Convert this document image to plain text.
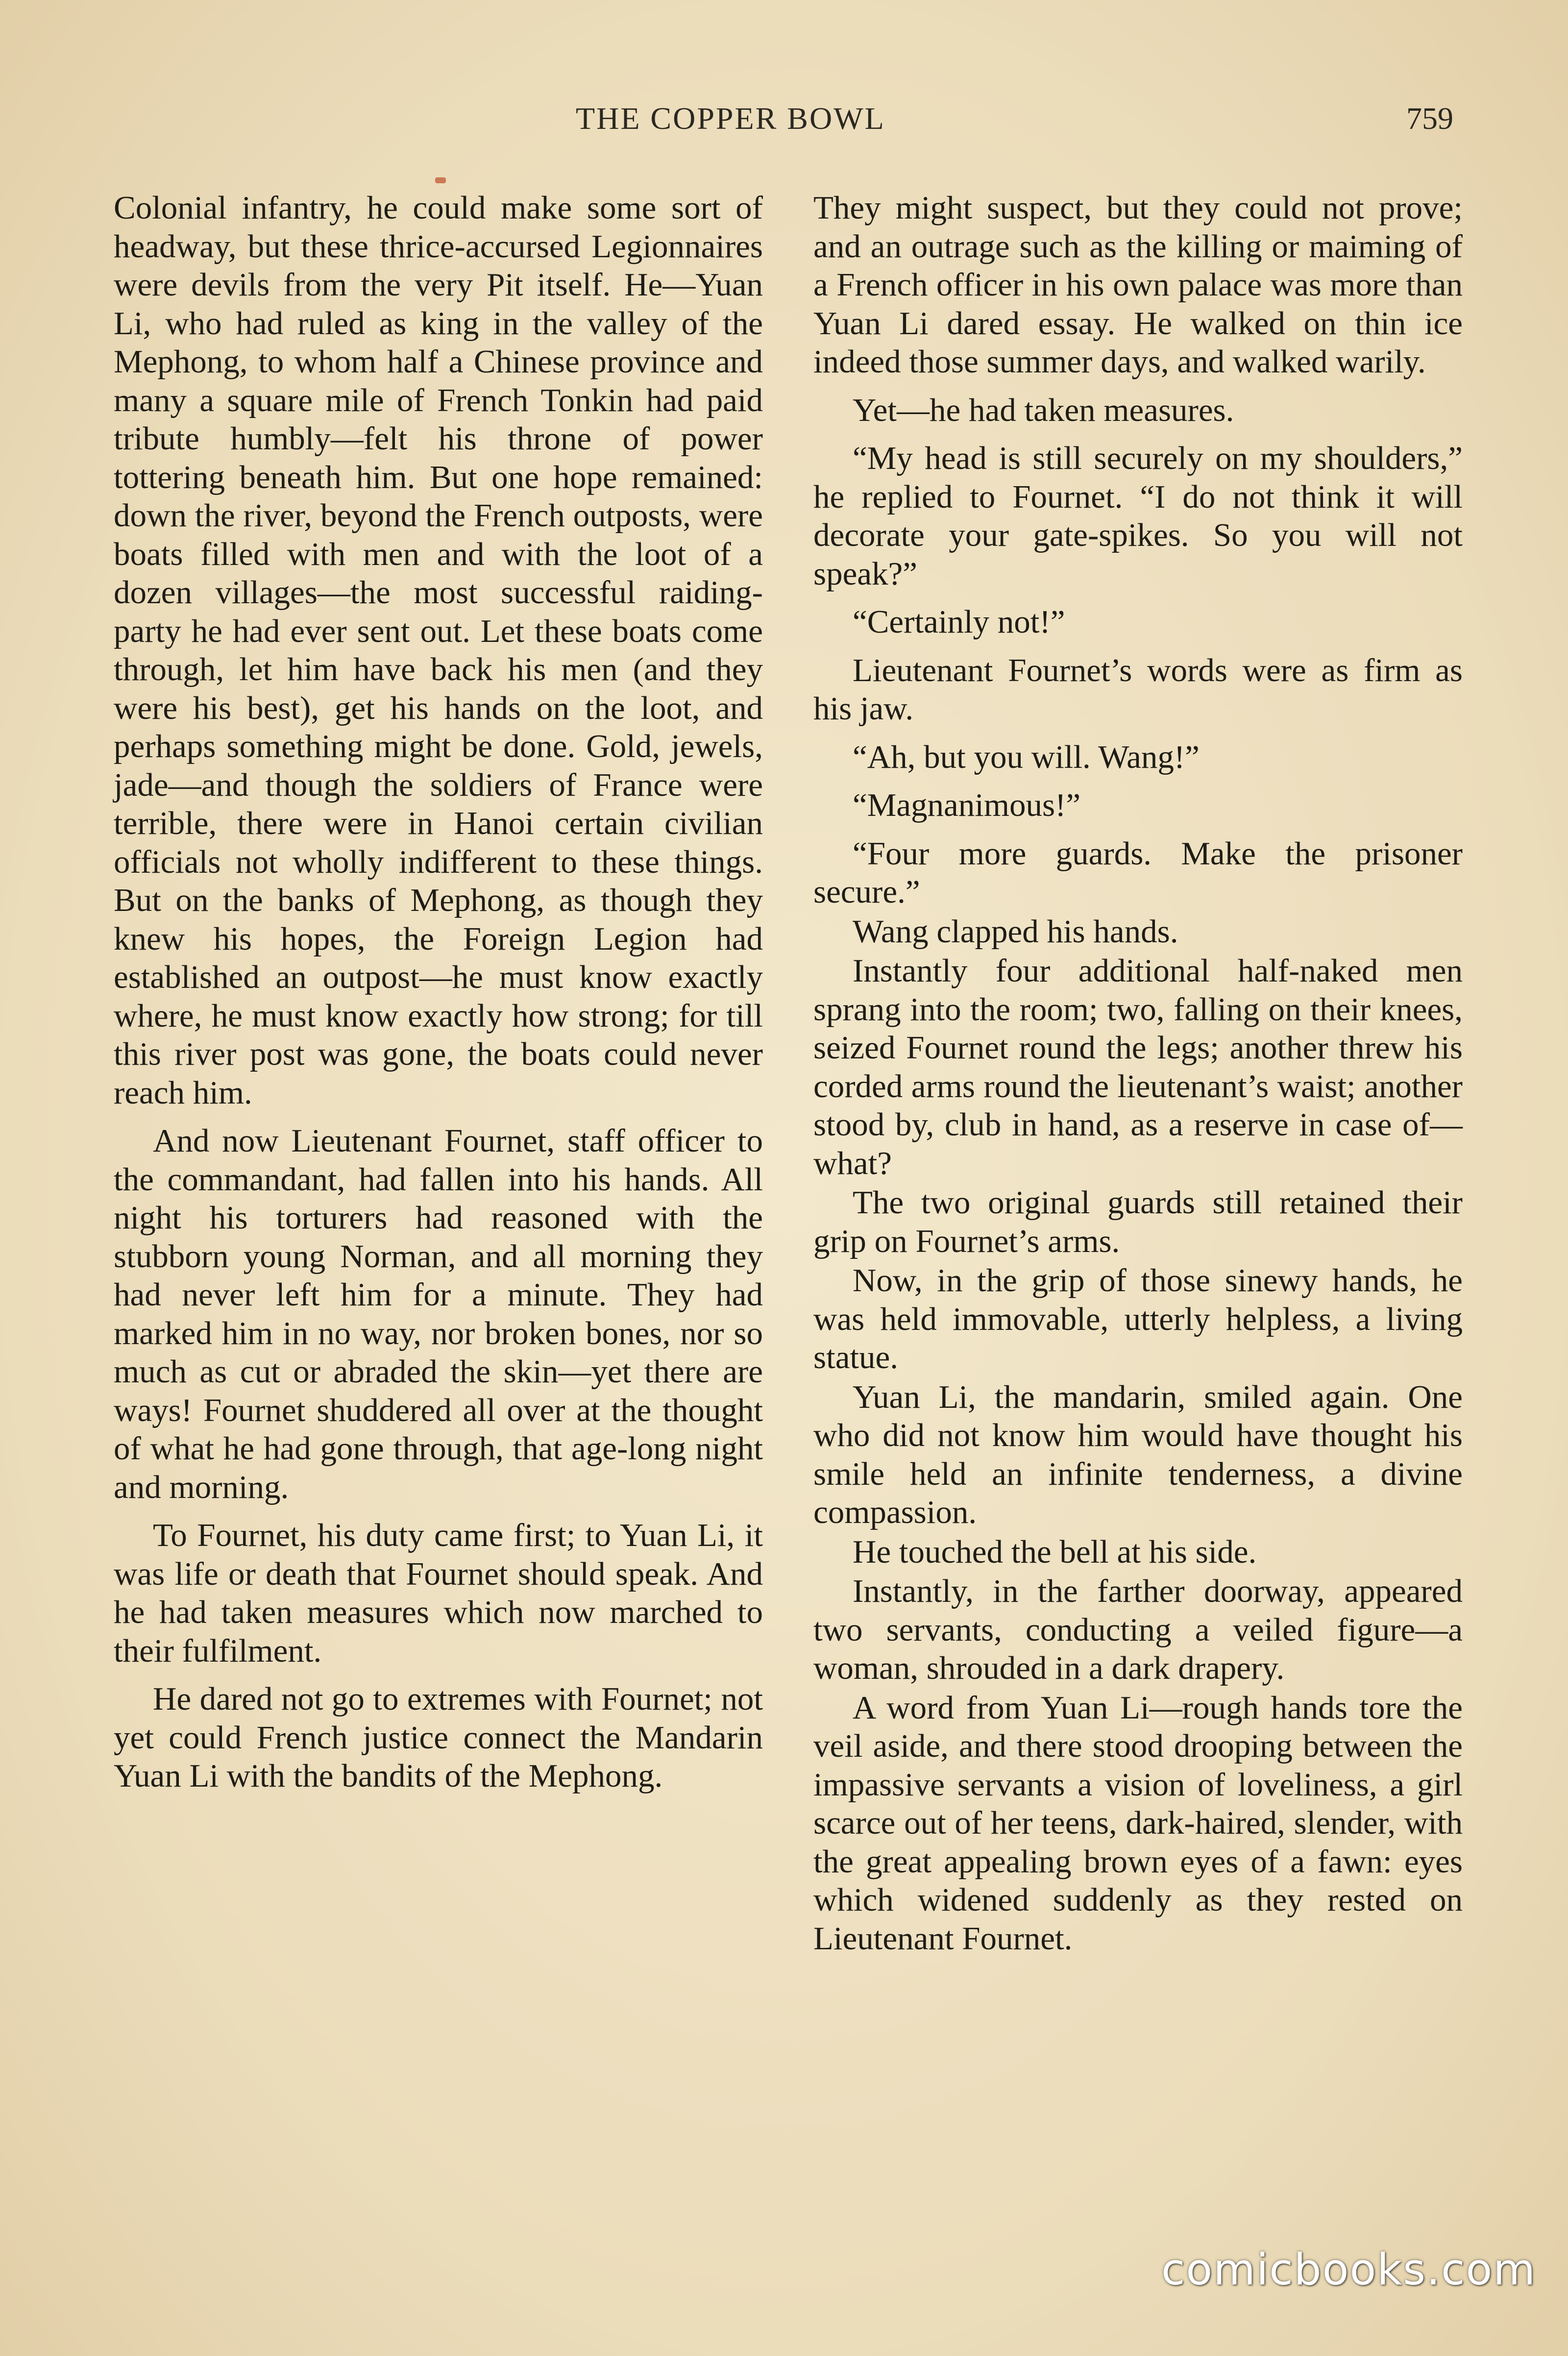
THE COPPER BOWL	759

Colonial infantry, he could make some sort of headway, but these thrice-accursed Legionnaires were devils from the very Pit itself. He—Yuan Li, who had ruled as king in the valley of the Mephong, to whom half a Chinese province and many a square mile of French Tonkin had paid tribute humbly—felt his throne of power tottering beneath him. But one hope remained: down the river, beyond the French outposts, were boats filled with men and with the loot of a dozen villages—the most successful raiding-party he had ever sent out. Let these boats come through, let him have back his men (and they were his best), get his hands on the loot, and perhaps something might be done. Gold, jewels, jade—and though the soldiers of France were terrible, there were in Hanoi certain civilian officials not wholly indifferent to these things. But on the banks of Mephong, as though they knew his hopes, the Foreign Legion had established an outpost—he must know exactly where, he must know exactly how strong; for till this river post was gone, the boats could never reach him.

And now Lieutenant Fournet, staff officer to the commandant, had fallen into his hands. All night his torturers had reasoned with the stubborn young Norman, and all morning they had never left him for a minute. They had marked him in no way, nor broken bones, nor so much as cut or abraded the skin—yet there are ways! Fournet shuddered all over at the thought of what he had gone through, that age-long night and morning.

To Fournet, his duty came first; to Yuan Li, it was life or death that Fournet should speak. And he had taken measures which now marched to their fulfilment.

He dared not go to extremes with Fournet; not yet could French justice connect the Mandarin Yuan Li with the bandits of the Mephong.

They might suspect, but they could not prove; and an outrage such as the killing or maiming of a French officer in his own palace was more than Yuan Li dared essay. He walked on thin ice indeed those summer days, and walked warily.

Yet—he had taken measures.

“My head is still securely on my shoulders,” he replied to Fournet. “I do not think it will decorate your gate-spikes. So you will not speak?”

“Certainly not!”

Lieutenant Fournet’s words were as firm as his jaw.

“Ah, but you will. Wang!”

“Magnanimous!”

“Four more guards. Make the prisoner secure.”

Wang clapped his hands.

Instantly four additional half-naked men sprang into the room; two, falling on their knees, seized Fournet round the legs; another threw his corded arms round the lieutenant’s waist; another stood by, club in hand, as a reserve in case of—what?

The two original guards still retained their grip on Fournet’s arms.

Now, in the grip of those sinewy hands, he was held immovable, utterly helpless, a living statue.

Yuan Li, the mandarin, smiled again. One who did not know him would have thought his smile held an infinite tenderness, a divine compassion.

He touched the bell at his side.

Instantly, in the farther doorway, appeared two servants, conducting a veiled figure—a woman, shrouded in a dark drapery.

A word from Yuan Li—rough hands tore the veil aside, and there stood drooping between the impassive servants a vision of loveliness, a girl scarce out of her teens, dark-haired, slender, with the great appealing brown eyes of a fawn: eyes which widened suddenly as they rested on Lieutenant Fournet.

comicbooks.com
